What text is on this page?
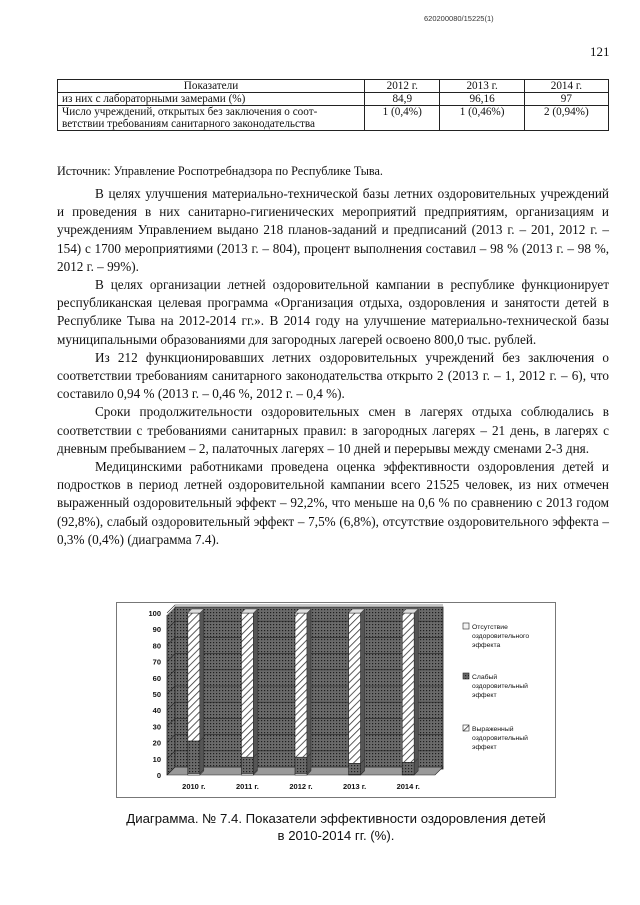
620200080/15225(1)
121
Показатели	2012 г.	2013 г.	2014 г.
из них с лабораторными замерами (%)	84,9	96,16	97
Число учреждений, открытых без заключения о соот-
ветствии требованиям санитарного законодательства	1 (0,4%)	1 (0,46%)	2 (0,94%)
Источник: Управление Роспотребнадзора по Республике Тыва.

В целях улучшения материально-технической базы летних оздоровительных учреждений и проведения в них санитарно-гигиенических мероприятий предприятиям, организациям и учреждениям Управлением выдано 218 планов-заданий и предписаний (2013 г. – 201, 2012 г. – 154) с 1700 мероприятиями (2013 г. – 804), процент выполнения составил – 98 % (2013 г. – 98 %, 2012 г. – 99%).

В целях организации летней оздоровительной кампании в республике функционирует республиканская целевая программа «Организация отдыха, оздоровления и занятости детей в Республике Тыва на 2012-2014 гг.». В 2014 году на улучшение материально-технической базы муниципальными образованиями для загородных лагерей освоено 800,0 тыс. рублей.

Из 212 функционировавших летних оздоровительных учреждений без заключения о соответствии требованиям санитарного законодательства открыто 2 (2013 г. – 1, 2012 г. – 6), что составило 0,94 % (2013 г. – 0,46 %, 2012 г. – 0,4 %).

Сроки продолжительности оздоровительных смен в лагерях отдыха соблюдались в соответствии с требованиями санитарных правил: в загородных лагерях – 21 день, в лагерях с дневным пребыванием – 2, палаточных лагерях – 10 дней и перерывы между сменами 2-3 дня.

Медицинскими работниками проведена оценка эффективности оздоровления детей и подростков в период летней оздоровительной кампании всего 21525 человек, из них отмечен выраженный оздоровительный эффект – 92,2%, что меньше на 0,6 % по сравнению с 2013 годом (92,8%), слабый оздоровительный эффект – 7,5% (6,8%), отсутствие оздоровительного эффекта – 0,3% (0,4%) (диаграмма 7.4).

0
10
20
30
40
50
60
70
80
90
100
2010 г.	2011 г.	2012 г.	2013 г.	2014 г.
Отсутствие
оздоровительного
эффекта
Слабый
оздоровительный
эффект
Выраженный
оздоровительный
эффект
Диаграмма. № 7.4. Показатели эффективности оздоровления детей
в 2010-2014 гг. (%).
